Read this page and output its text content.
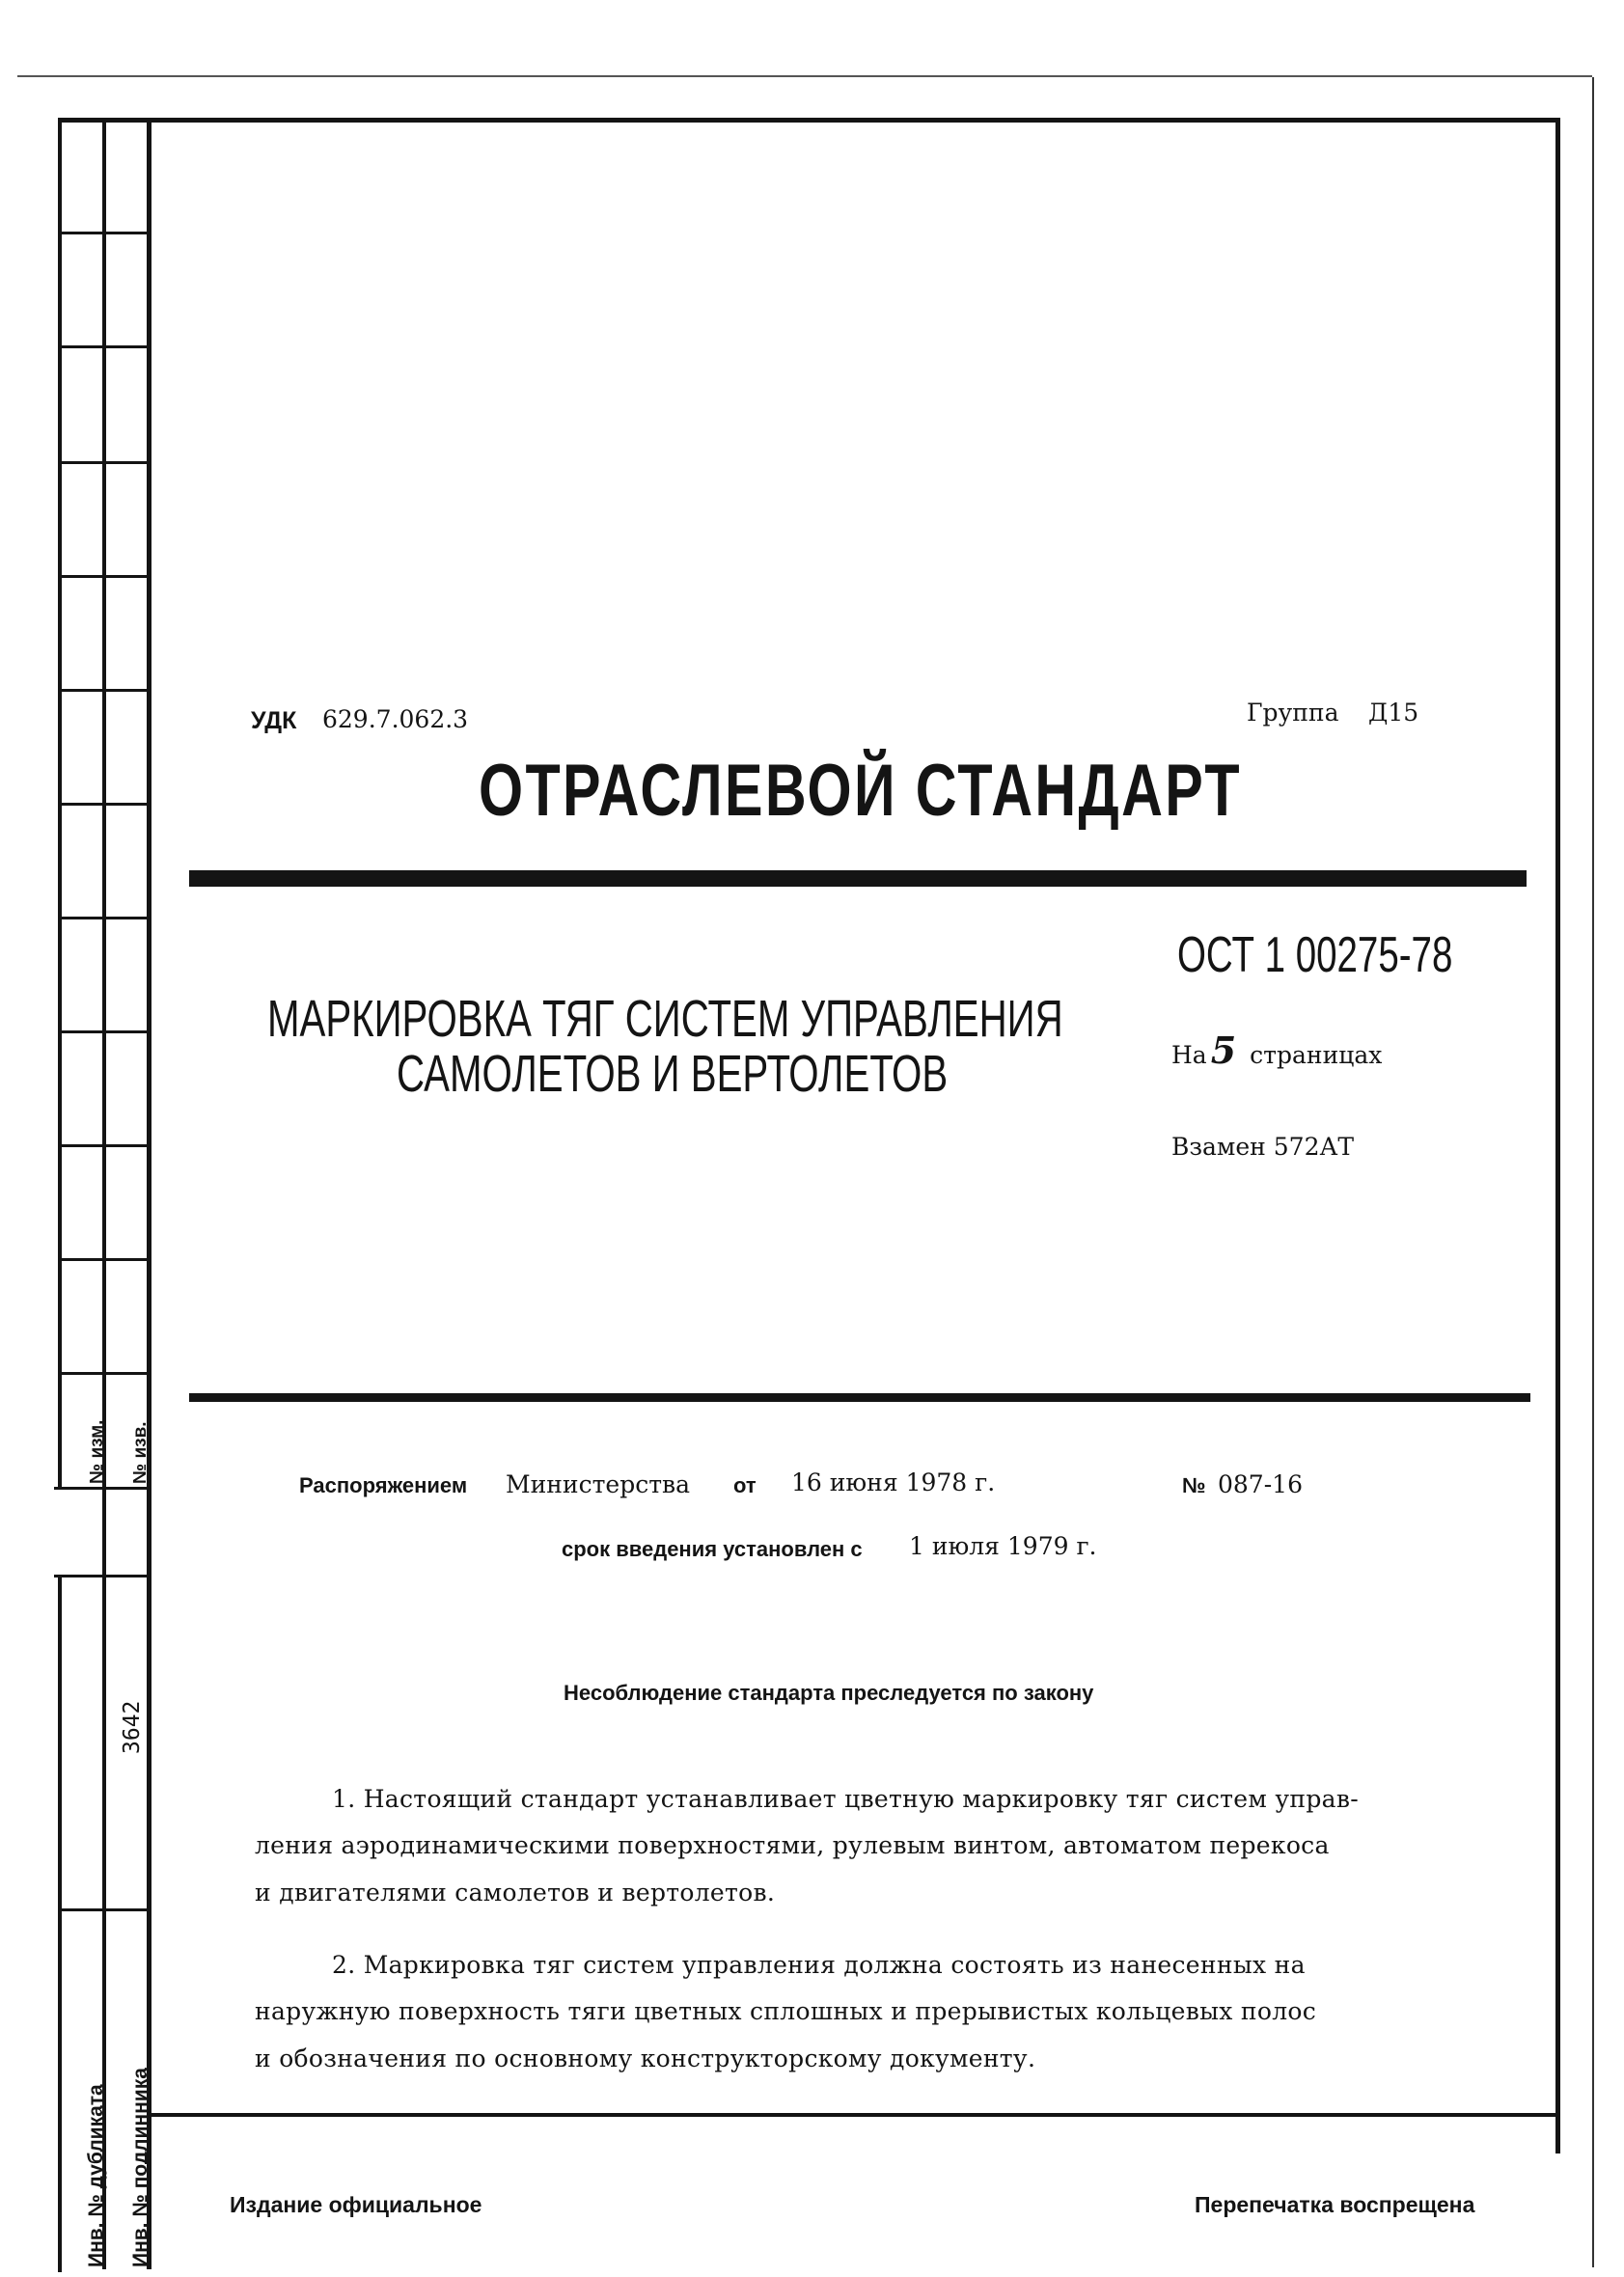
№ изм. № изв.
3642
Инв. № дубликата Инв. № подлинника
УДК 629.7.062.3	Группа Д15
ОТРАСЛЕВОЙ СТАНДАРТ
ОСТ 1 00275-78
МАРКИРОВКА ТЯГ СИСТЕМ УПРАВЛЕНИЯ
САМОЛЕТОВ И ВЕРТОЛЕТОВ	На 5 страницах
Взамен 572АТ
Распоряжением Министерства от 16 июня 1978 г.	№ 087-16
срок введения установлен с 1 июля 1979 г.
Несоблюдение стандарта преследуется по закону

1. Настоящий стандарт устанавливает цветную маркировку тяг систем управ-

ления аэродинамическими поверхностями, рулевым винтом, автоматом перекоса

и двигателями самолетов и вертолетов.

2. Маркировка тяг систем управления должна состоять из нанесенных на

наружную поверхность тяги цветных сплошных и прерывистых кольцевых полос

и обозначения по основному конструкторскому документу.

Издание официальное	Перепечатка воспрещена
